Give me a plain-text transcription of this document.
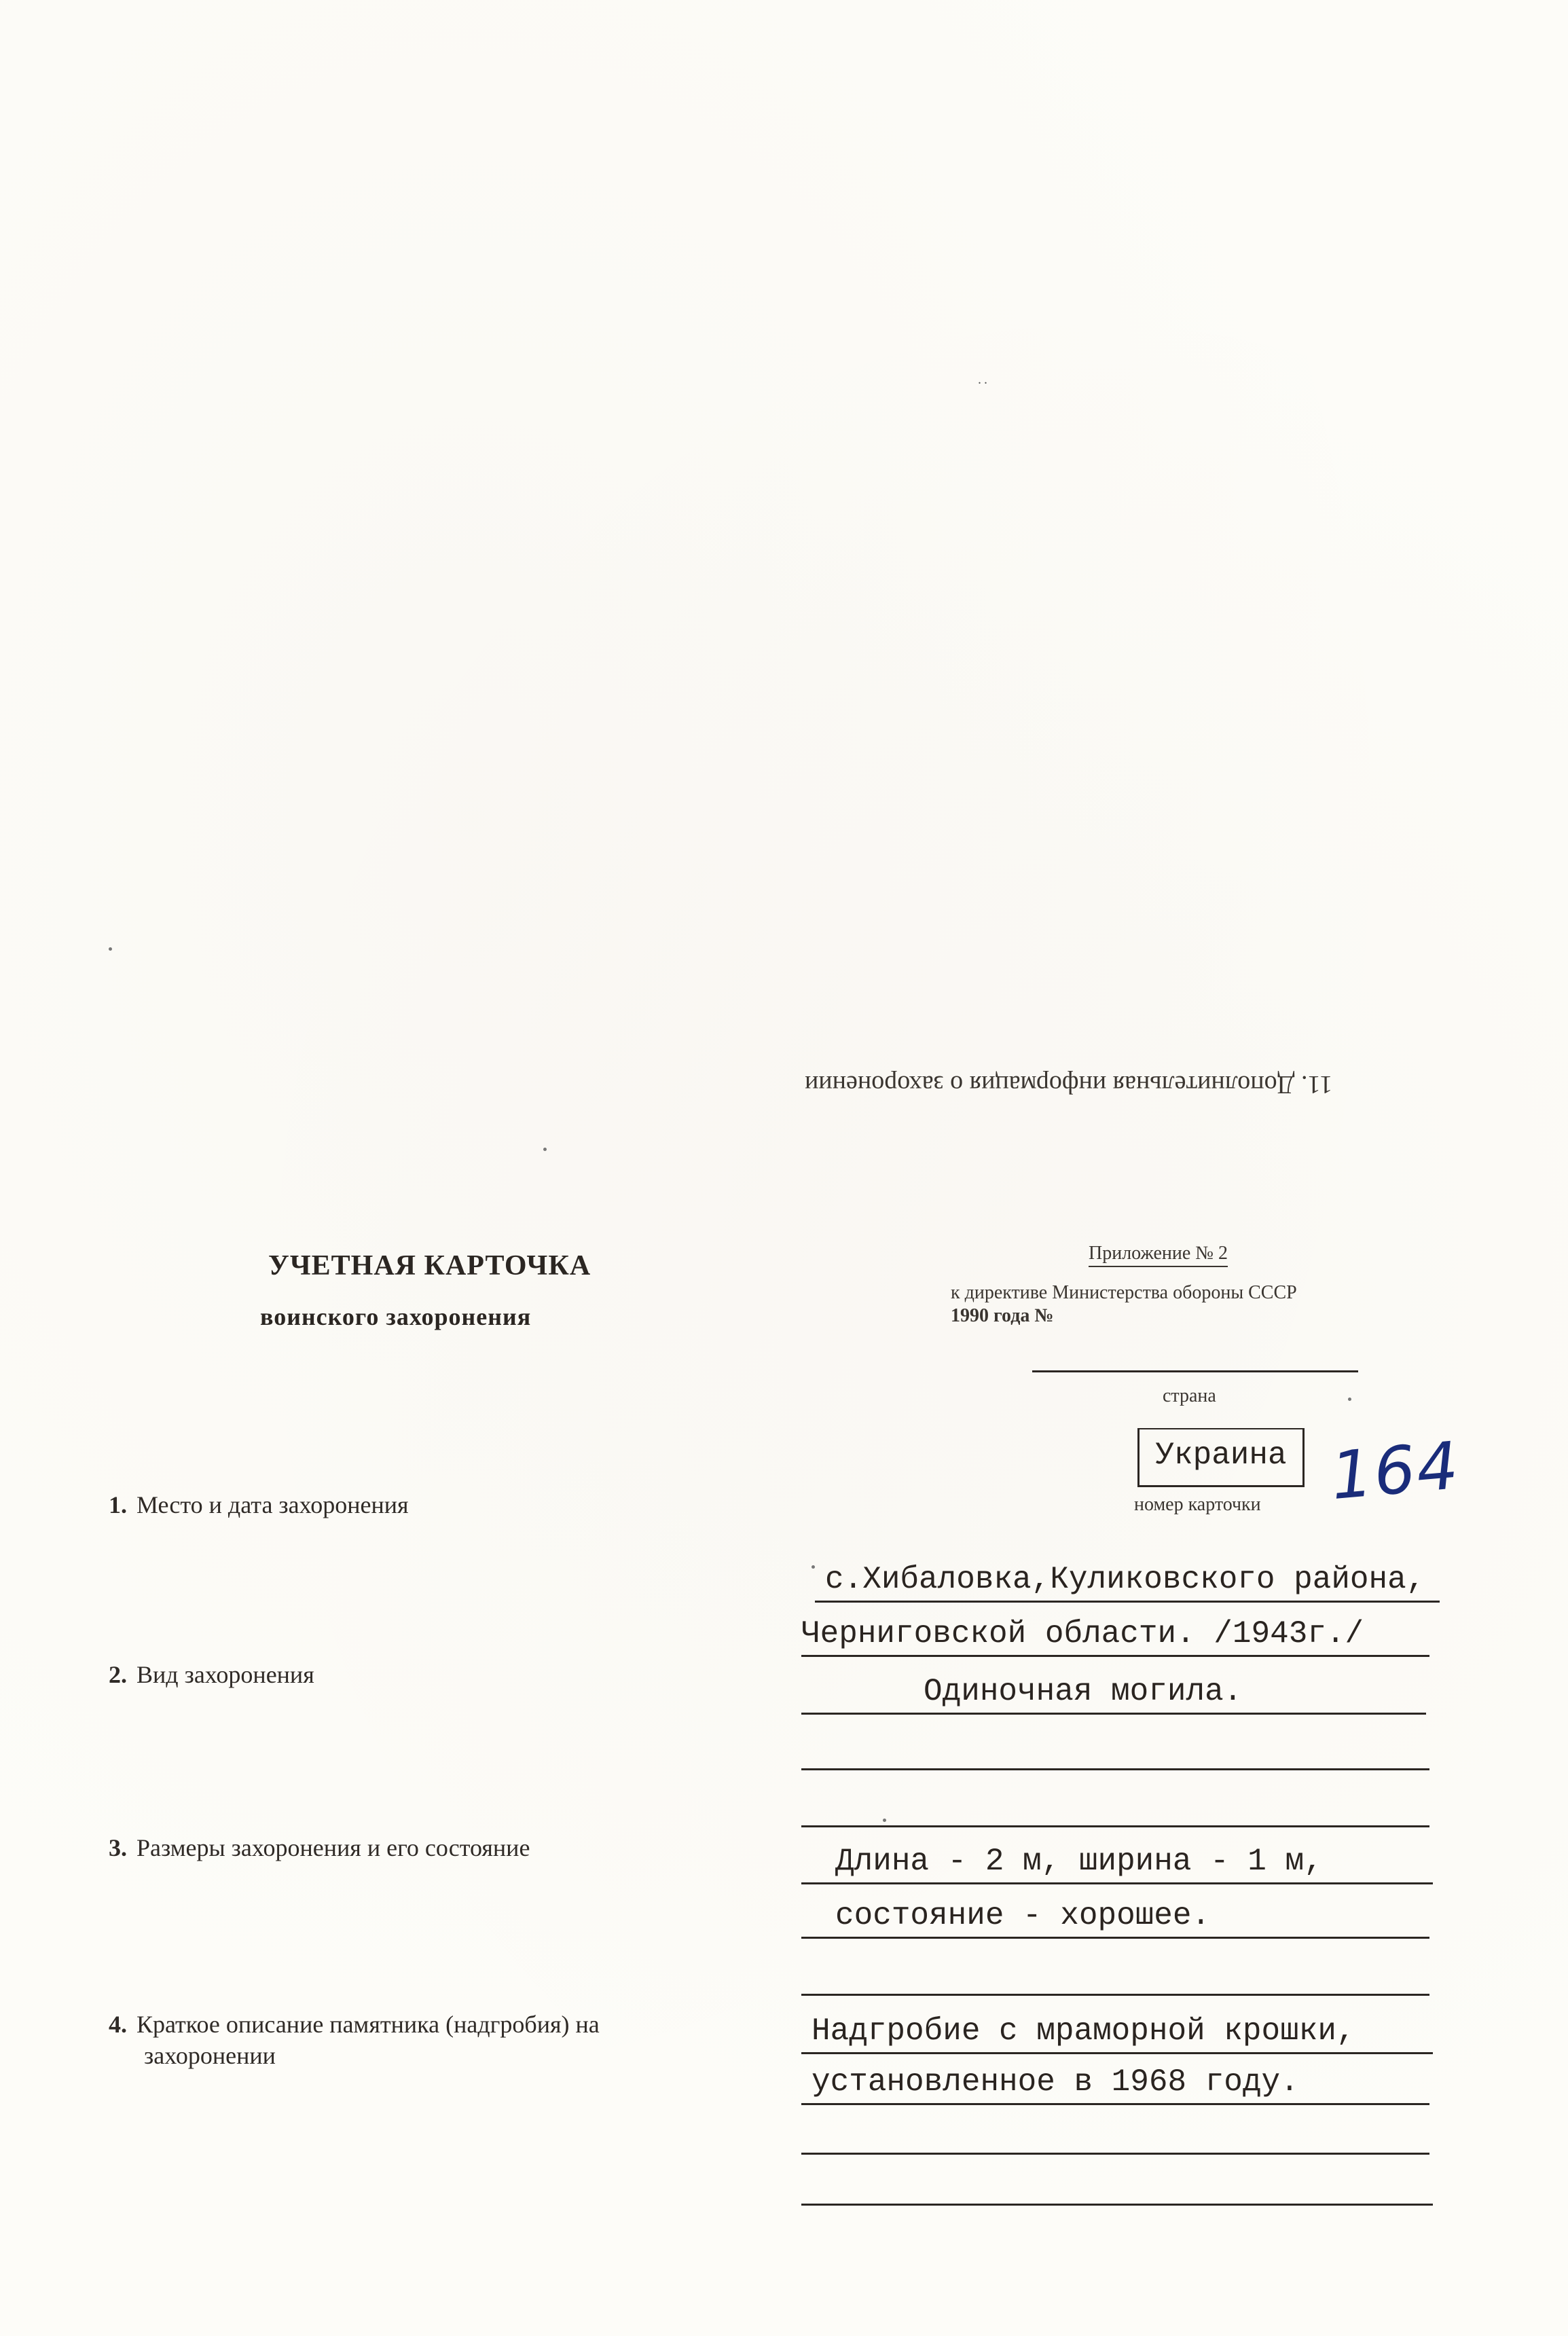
..
11. Дополнительная информация о захоронении
УЧЕТНАЯ КАРТОЧКА
воинского захоронения
Приложение № 2
к директиве Министерства обороны СССР
1990 года №
страна
Украина
номер карточки 164
1. Место и дата захоронения
с.Хибаловка,Куликовского района,
Черниговской области. /1943г./
2. Вид захоронения	Одиночная могила.
3. Размеры захоронения и его состояние	Длина - 2 м, ширина - 1 м,
состояние - хорошее.
4. Краткое описание памятника (надгробия) на
захоронении
Надгробие с мраморной крошки,
установленное в 1968 году.
